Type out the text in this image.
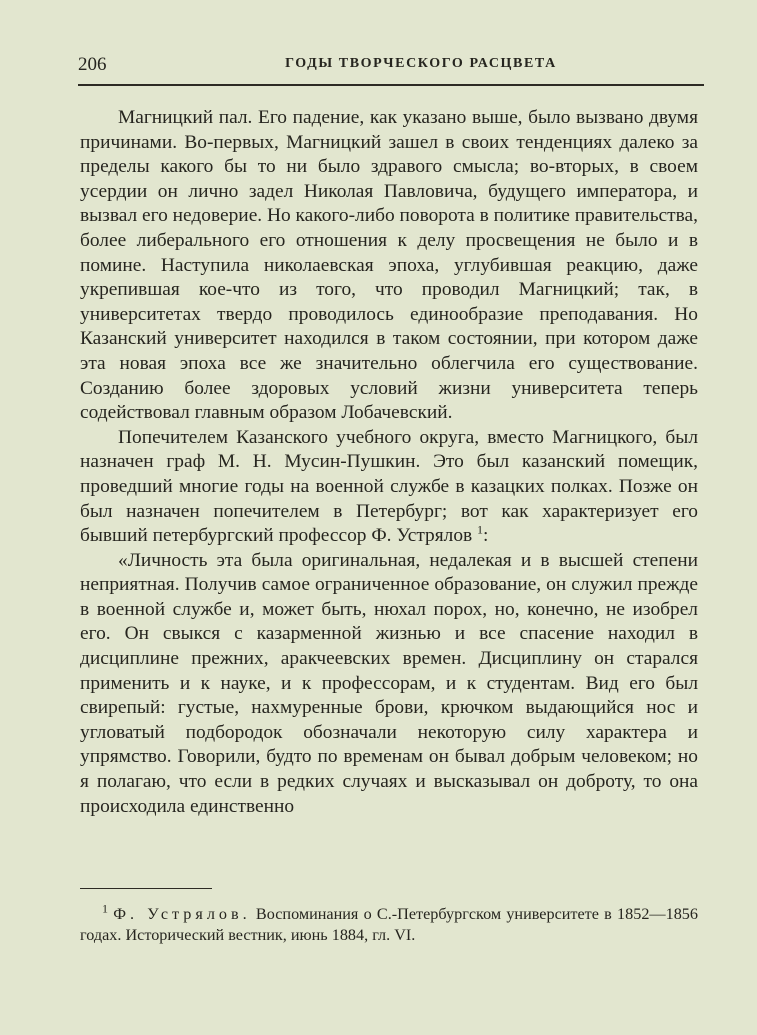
206	ГОДЫ ТВОРЧЕСКОГО РАСЦВЕТА

Магницкий пал. Его падение, как указано выше, было вызвано двумя причинами. Во-первых, Магницкий зашел в своих тенденциях далеко за пределы какого бы то ни было здравого смысла; во-вторых, в своем усердии он лично задел Николая Павловича, будущего императора, и вызвал его недоверие. Но какого-либо поворота в политике правительства, более либерального его отношения к делу просвещения не было и в помине. Наступила николаевская эпоха, углубившая реакцию, даже укрепившая кое-что из того, что проводил Магницкий; так, в университетах твердо проводилось единообразие преподавания. Но Казанский университет находился в таком состоянии, при котором даже эта новая эпоха все же значительно облегчила его существование. Созданию более здоровых условий жизни университета теперь содействовал главным образом Лобачевский.

Попечителем Казанского учебного округа, вместо Магницкого, был назначен граф М. Н. Мусин-Пушкин. Это был казанский помещик, проведший многие годы на военной службе в казацких полках. Позже он был назначен попечителем в Петербург; вот как характеризует его бывший петербургский профессор Ф. Устрялов $^1$:

«Личность эта была оригинальная, недалекая и в высшей степени неприятная. Получив самое ограниченное образование, он служил прежде в военной службе и, может быть, нюхал порох, но, конечно, не изобрел его. Он свыкся с казарменной жизнью и все спасение находил в дисциплине прежних, аракчеевских времен. Дисциплину он старался применить и к науке, и к профессорам, и к студентам. Вид его был свирепый: густые, нахмуренные брови, крючком выдающийся нос и угловатый подбородок обозначали некоторую силу характера и упрямство. Говорили, будто по временам он бывал добрым человеком; но я полагаю, что если в редких случаях и высказывал он доброту, то она происходила единственно

$^1$ Ф. Устрялов. Воспоминания о С.-Петербургском университете в 1852—1856 годах. Исторический вестник, июнь 1884, гл. VI.
